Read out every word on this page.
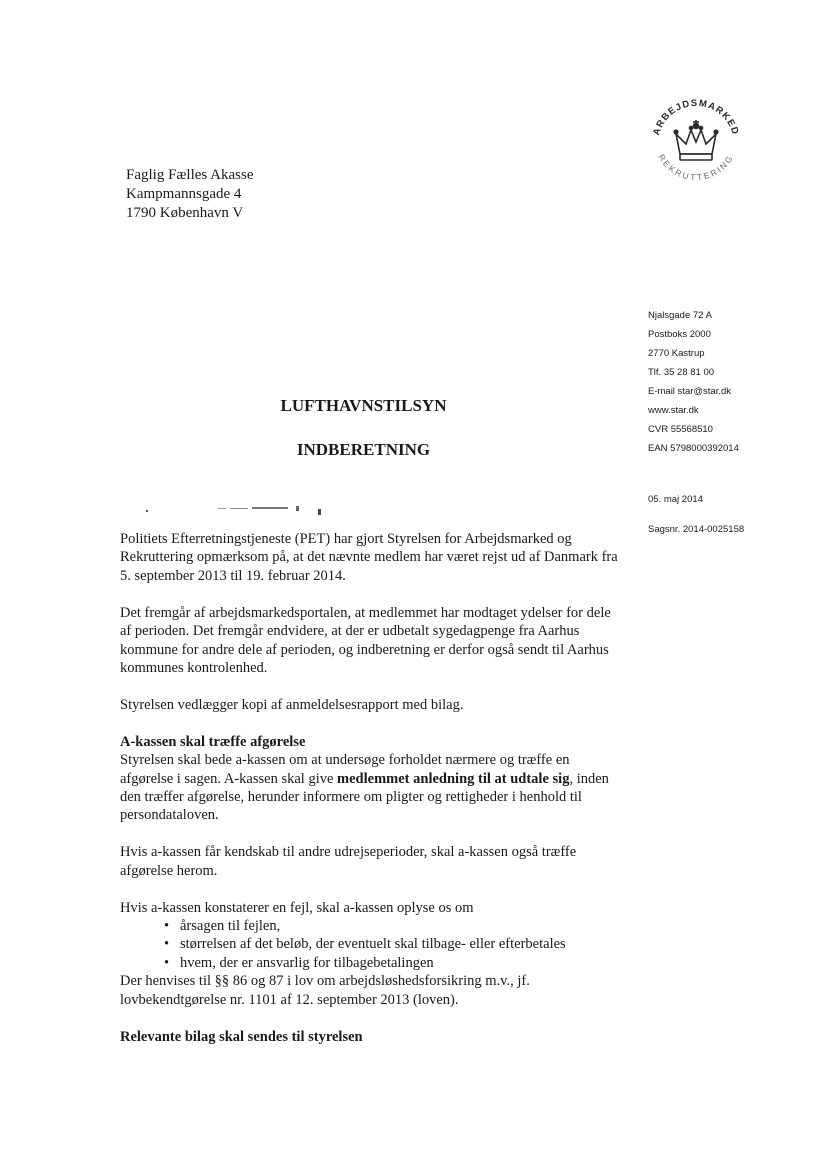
Faglig Fælles Akasse
Kampmannsgade 4
1790 København V
ARBEJDSMARKED
REKRUTTERING
Njalsgade 72 A
Postboks 2000
2770 Kastrup
Tlf. 35 28 81 00
E-mail star@star.dk
www.star.dk
CVR 55568510
EAN 5798000392014
05. maj 2014
Sagsnr. 2014-0025158
LUFTHAVNSTILSYN
INDBERETNING

Politiets Efterretningstjeneste (PET) har gjort Styrelsen for Arbejdsmarked og Rekruttering opmærksom på, at det nævnte medlem har været rejst ud af Danmark fra 5. september 2013 til 19. februar 2014.

Det fremgår af arbejdsmarkedsportalen, at medlemmet har modtaget ydelser for dele af perioden. Det fremgår endvidere, at der er udbetalt sygedagpenge fra Aarhus kommune for andre dele af perioden, og indberetning er derfor også sendt til Aarhus kommunes kontrolenhed.

Styrelsen vedlægger kopi af anmeldelsesrapport med bilag.

A-kassen skal træffe afgørelse

Styrelsen skal bede a-kassen om at undersøge forholdet nærmere og træffe en afgørelse i sagen. A-kassen skal give medlemmet anledning til at udtale sig, inden den træffer afgørelse, herunder informere om pligter og rettigheder i henhold til persondataloven.

Hvis a-kassen får kendskab til andre udrejseperioder, skal a-kassen også træffe afgørelse herom.

Hvis a-kassen konstaterer en fejl, skal a-kassen oplyse os om

• årsagen til fejlen,
• størrelsen af det beløb, der eventuelt skal tilbage- eller efterbetales
• hvem, der er ansvarlig for tilbagebetalingen

Der henvises til §§ 86 og 87 i lov om arbejdsløshedsforsikring m.v., jf. lovbekendtgørelse nr. 1101 af 12. september 2013 (loven).

Relevante bilag skal sendes til styrelsen
